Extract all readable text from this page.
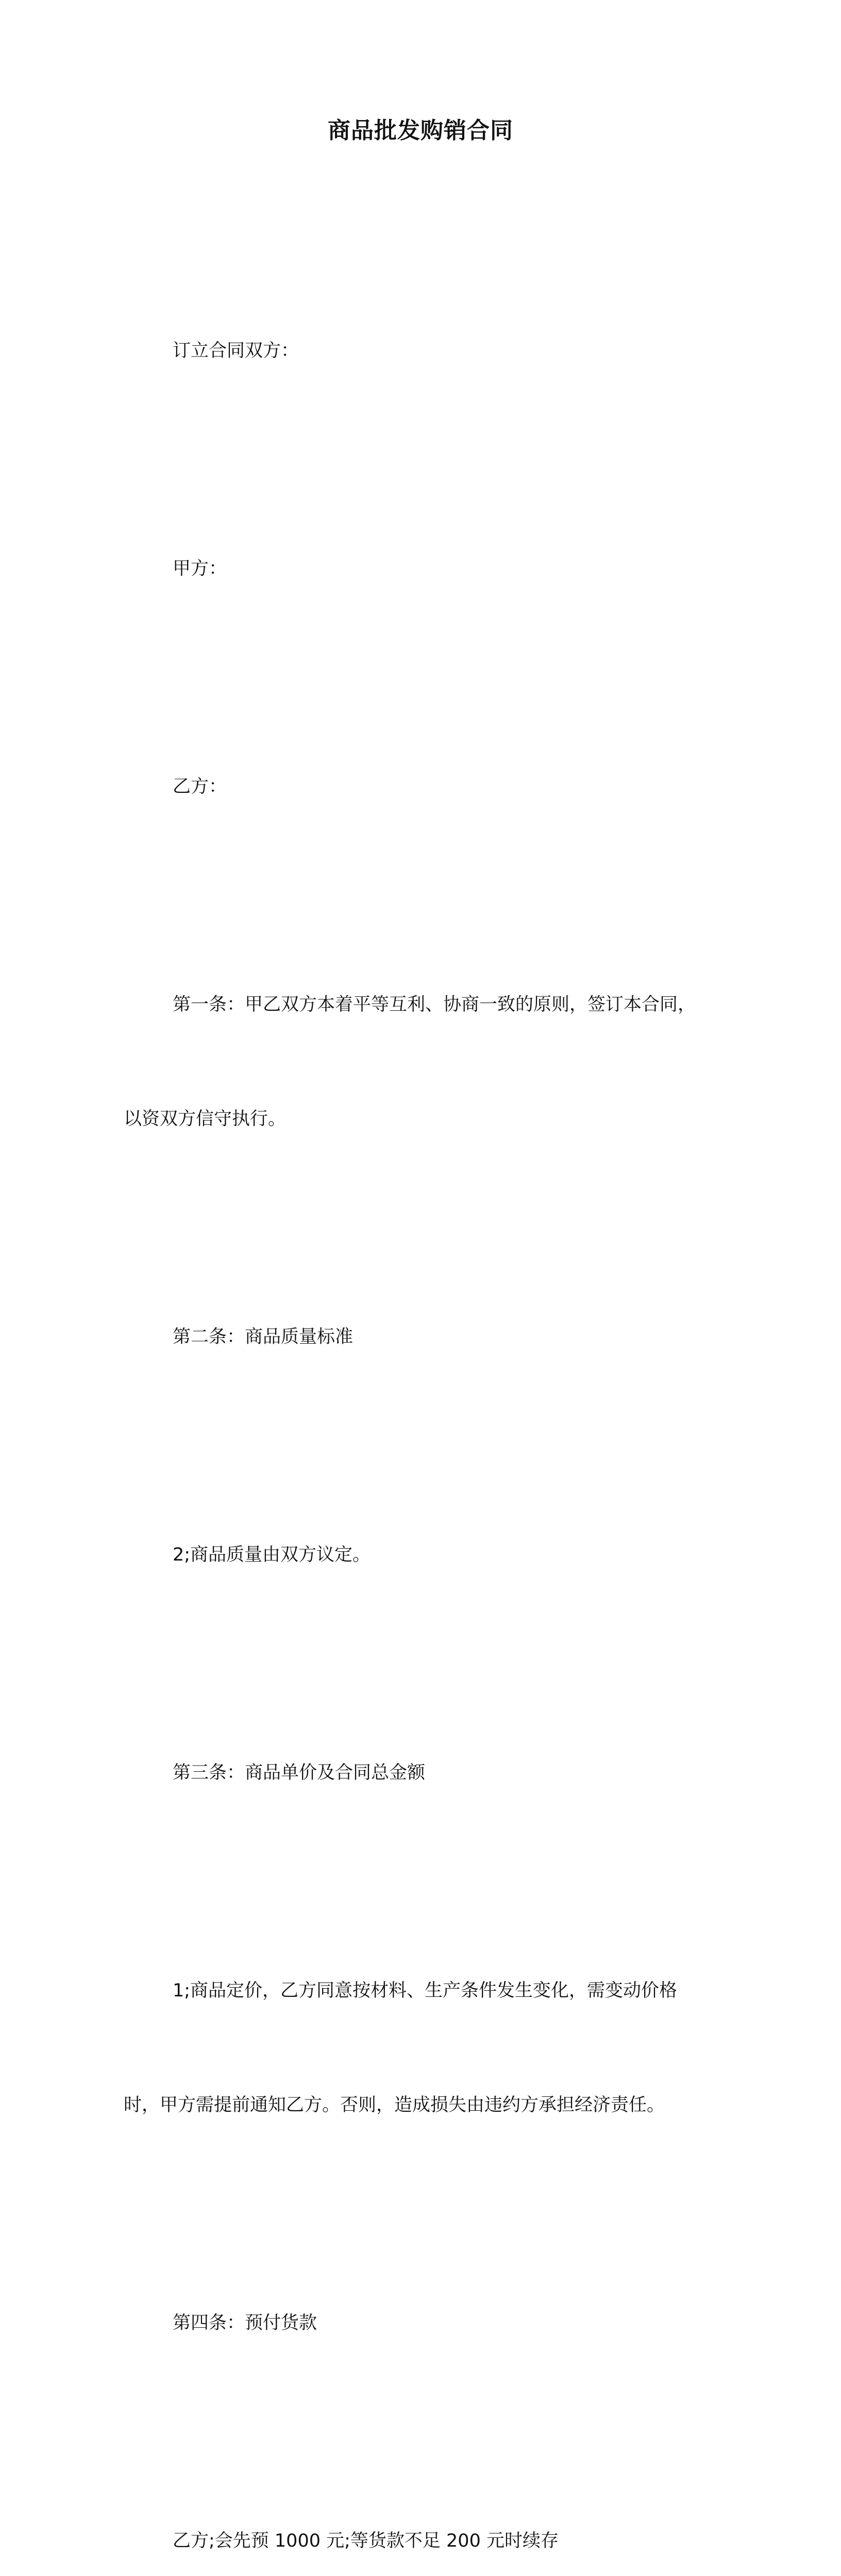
商品批发购销合同

订立合同双方：

甲方：

乙方：

第一条：甲乙双方本着平等互利、协商一致的原则，签订本合同，

以资双方信守执行。

第二条：商品质量标准

2;商品质量由双方议定。

第三条：商品单价及合同总金额

1;商品定价，乙方同意按材料、生产条件发生变化，需变动价格

时，甲方需提前通知乙方。否则，造成损失由违约方承担经济责任。

第四条：预付货款

乙方;会先预 1000 元;等货款不足 200 元时续存
